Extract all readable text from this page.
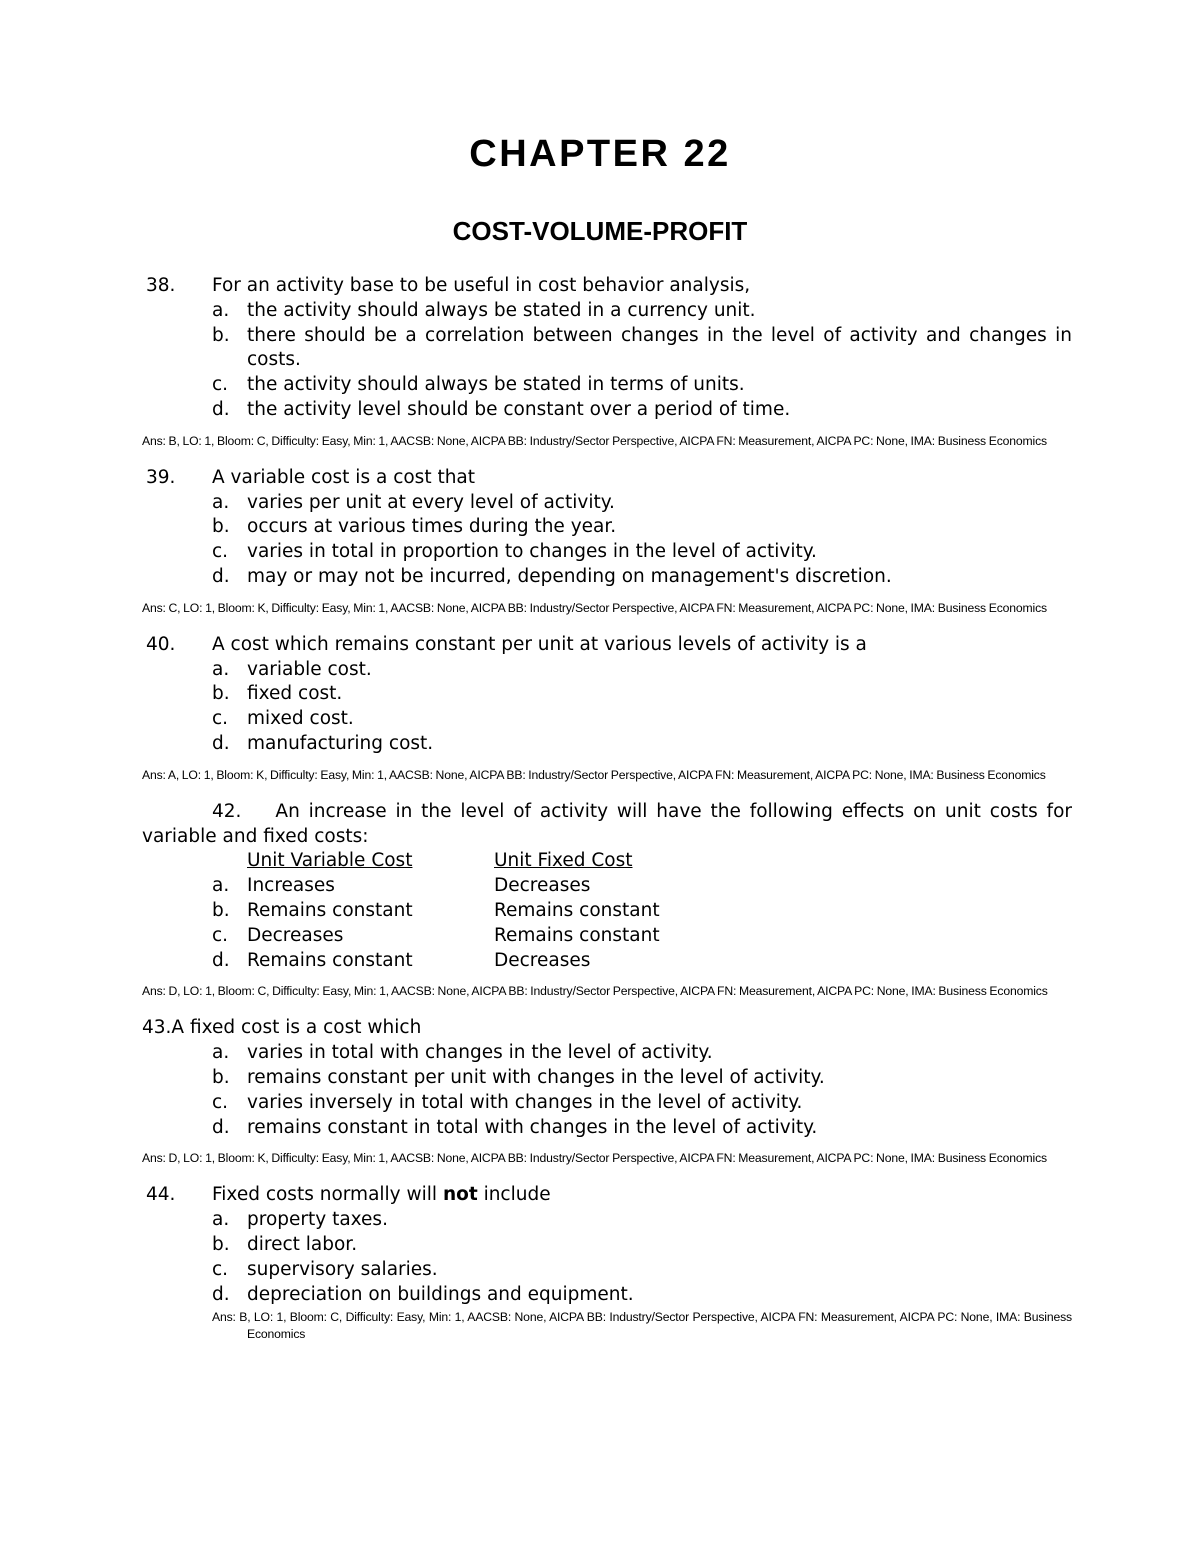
CHAPTER 22
COST-VOLUME-PROFIT
38. For an activity base to be useful in cost behavior analysis,
a. the activity should always be stated in a currency unit.
b. there should be a correlation between changes in the level of activity and changes in costs.
c. the activity should always be stated in terms of units.
d. the activity level should be constant over a period of time.
Ans: B, LO: 1, Bloom: C, Difficulty: Easy, Min: 1, AACSB: None, AICPA BB: Industry/Sector Perspective, AICPA FN: Measurement, AICPA PC: None, IMA: Business Economics
39. A variable cost is a cost that
a. varies per unit at every level of activity.
b. occurs at various times during the year.
c. varies in total in proportion to changes in the level of activity.
d. may or may not be incurred, depending on management's discretion.
Ans: C, LO: 1, Bloom: K, Difficulty: Easy, Min: 1, AACSB: None, AICPA BB: Industry/Sector Perspective, AICPA FN: Measurement, AICPA PC: None, IMA: Business Economics
40. A cost which remains constant per unit at various levels of activity is a
a. variable cost.
b. fixed cost.
c. mixed cost.
d. manufacturing cost.
Ans: A, LO: 1, Bloom: K, Difficulty: Easy, Min: 1, AACSB: None, AICPA BB: Industry/Sector Perspective, AICPA FN: Measurement, AICPA PC: None, IMA: Business Economics
42. An increase in the level of activity will have the following effects on unit costs for variable and fixed costs:
Unit Variable Cost	Unit Fixed Cost
a. Increases	Decreases
b. Remains constant	Remains constant
c. Decreases	Remains constant
d. Remains constant	Decreases
Ans: D, LO: 1, Bloom: C, Difficulty: Easy, Min: 1, AACSB: None, AICPA BB: Industry/Sector Perspective, AICPA FN: Measurement, AICPA PC: None, IMA: Business Economics
43.A fixed cost is a cost which
a. varies in total with changes in the level of activity.
b. remains constant per unit with changes in the level of activity.
c. varies inversely in total with changes in the level of activity.
d. remains constant in total with changes in the level of activity.
Ans: D, LO: 1, Bloom: K, Difficulty: Easy, Min: 1, AACSB: None, AICPA BB: Industry/Sector Perspective, AICPA FN: Measurement, AICPA PC: None, IMA: Business Economics
44. Fixed costs normally will not include
a. property taxes.
b. direct labor.
c. supervisory salaries.
d. depreciation on buildings and equipment.
Ans: B, LO: 1, Bloom: C, Difficulty: Easy, Min: 1, AACSB: None, AICPA BB: Industry/Sector Perspective, AICPA FN: Measurement, AICPA PC: None, IMA: Business Economics
